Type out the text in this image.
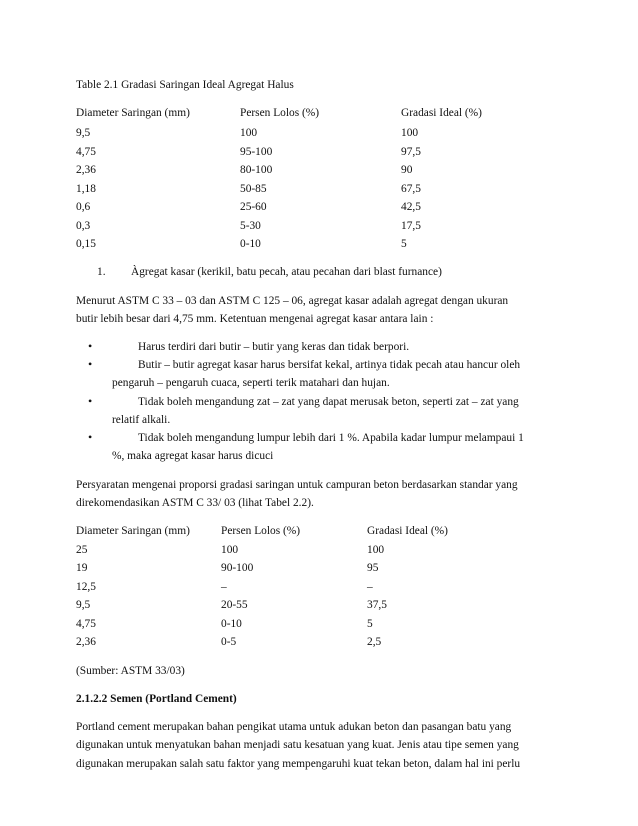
Table 2.1 Gradasi Saringan Ideal Agregat Halus
Diameter Saringan (mm)	Persen Lolos (%)	Gradasi Ideal (%)
9,5	100	100
4,75	95-100	97,5
2,36	80-100	90
1,18	50-85	67,5
0,6	25-60	42,5
0,3	5-30	17,5
0,15	0-10	5
1. Àgregat kasar (kerikil, batu pecah, atau pecahan dari blast furnance)
Menurut ASTM C 33 – 03 dan ASTM C 125 – 06, agregat kasar adalah agregat dengan ukuran
butir lebih besar dari 4,75 mm. Ketentuan mengenai agregat kasar antara lain :
•	Harus terdiri dari butir – butir yang keras dan tidak berpori.
•	Butir – butir agregat kasar harus bersifat kekal, artinya tidak pecah atau hancur oleh
pengaruh – pengaruh cuaca, seperti terik matahari dan hujan.
•	Tidak boleh mengandung zat – zat yang dapat merusak beton, seperti zat – zat yang
relatif alkali.
•	Tidak boleh mengandung lumpur lebih dari 1 %. Apabila kadar lumpur melampaui 1
%, maka agregat kasar harus dicuci
Persyaratan mengenai proporsi gradasi saringan untuk campuran beton berdasarkan standar yang
direkomendasikan ASTM C 33/ 03 (lihat Tabel 2.2).
Diameter Saringan (mm)	Persen Lolos (%)	Gradasi Ideal (%)
25	100	100
19	90-100	95
12,5	–	–
9,5	20-55	37,5
4,75	0-10	5
2,36	0-5	2,5
(Sumber: ASTM 33/03)
2.1.2.2 Semen (Portland Cement)
Portland cement merupakan bahan pengikat utama untuk adukan beton dan pasangan batu yang
digunakan untuk menyatukan bahan menjadi satu kesatuan yang kuat. Jenis atau tipe semen yang
digunakan merupakan salah satu faktor yang mempengaruhi kuat tekan beton, dalam hal ini perlu
